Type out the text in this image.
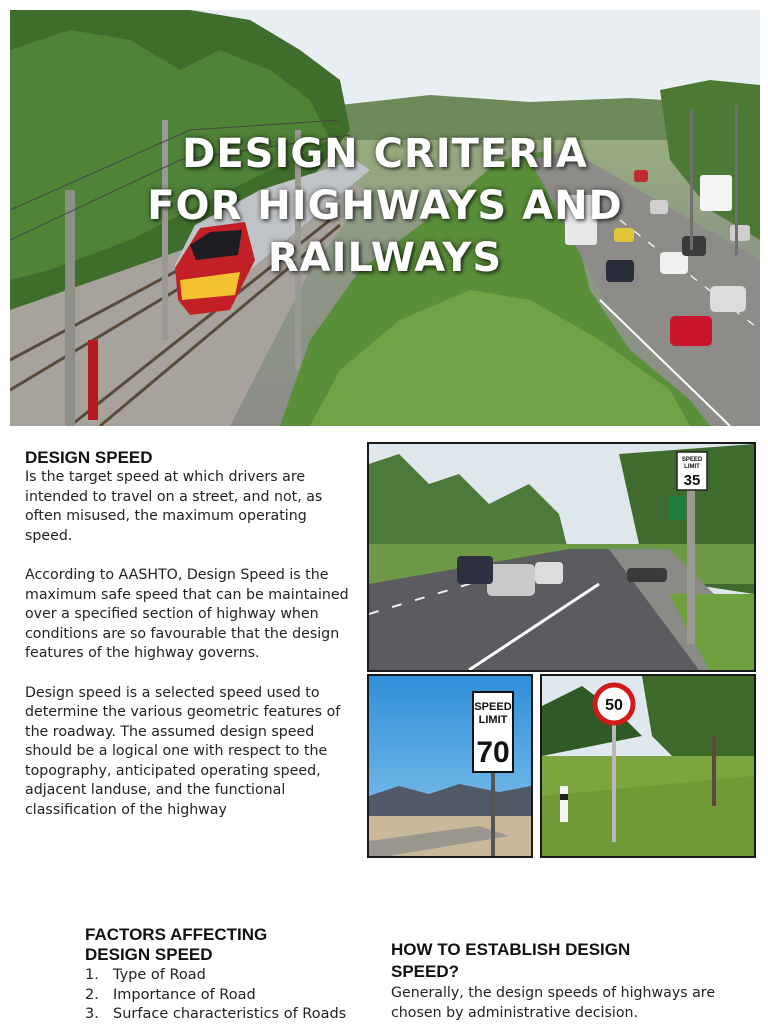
DESIGN CRITERIA
FOR HIGHWAYS AND
RAILWAYS
DESIGN SPEED

Is the target speed at which drivers are intended to travel on a street, and not, as often misused, the maximum operating speed.

According to AASHTO, Design Speed is the maximum safe speed that can be maintained over a specified section of highway when conditions are so favourable that the design features of the highway governs.

Design speed is a selected speed used to determine the various geometric features of the roadway. The assumed design speed should be a logical one with respect to the topography, anticipated operating speed, adjacent landuse, and the functional classification of the highway

SPEED
LIMIT
35
SPEED
LIMIT
70
50
FACTORS AFFECTING
DESIGN SPEED
1. Type of Road
2. Importance of Road
3. Surface characteristics of Roads
HOW TO ESTABLISH DESIGN
SPEED?

Generally, the design speeds of highways are chosen by administrative decision.
